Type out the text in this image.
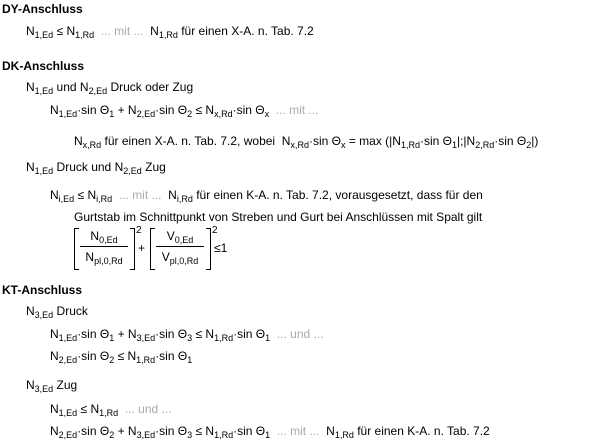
DY-Anschluss
$N_{1,Ed} \le N_{1,Rd}$ ... mit ... $N_{1,Rd}$ für einen X-A. n. Tab. 7.2
DK-Anschluss
$N_{1,Ed}$ und $N_{2,Ed}$ Druck oder Zug
$N_{1,Ed}\cdot\sin$ $\Theta_1 + N_{2,Ed}\cdot\sin$ $\Theta_2 \le N_{x,Rd}\cdot\sin$ $\Theta_x$ ... mit ...
$N_{x,Rd}$ für einen X-A. n. Tab. 7.2, wobei $N_{x,Rd}\cdot\sin$ $\Theta_x = \max (|N_{1,Rd}\cdot\sin$ $\Theta_1|;|N_{2,Rd}\cdot\sin$ $\Theta_2|$)
$N_{1,Ed}$ Druck und $N_{2,Ed}$ Zug
$N_{i,Ed} \le N_{i,Rd}$ ... mit ... $N_{i,Rd}$ für einen K-A. n. Tab. 7.2, vorausgesetzt, dass für den
Gurtstab im Schnittpunkt von Streben und Gurt bei Anschlüssen mit Spalt gilt
$N_{0,Ed}$
$N_{pl,0,Rd}$
2
+
$V_{0,Ed}$
$V_{pl,0,Rd}$
2
≤1
KT-Anschluss
$N_{3,Ed}$ Druck
$N_{1,Ed}\cdot\sin$ $\Theta_1 + N_{3,Ed}\cdot\sin$ $\Theta_3 \le N_{1,Rd}\cdot\sin$ $\Theta_1$ ... und ...
$N_{2,Ed}\cdot\sin$ $\Theta_2 \le N_{1,Rd}\cdot\sin$ $\Theta_1$
$N_{3,Ed}$ Zug
$N_{1,Ed} \le N_{1,Rd}$ ... und ...
$N_{2,Ed}\cdot\sin$ $\Theta_2 + N_{3,Ed}\cdot\sin$ $\Theta_3 \le N_{1,Rd}\cdot\sin$ $\Theta_1$ ... mit ... $N_{1,Rd}$ für einen K-A. n. Tab. 7.2
